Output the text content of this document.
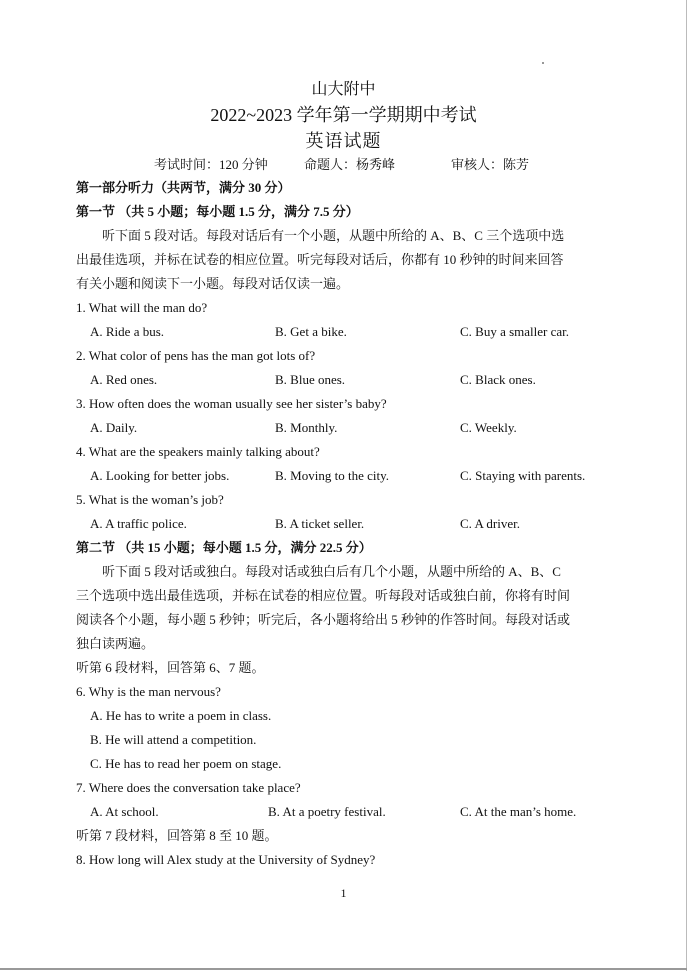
山大附中
2022~2023 学年第一学期期中考试
英语试题
考试时间：120 分钟	命题人：杨秀峰	审核人：陈芳
第一部分听力（共两节，满分 30 分）
第一节 （共 5 小题；每小题 1.5 分，满分 7.5 分）
听下面 5 段对话。每段对话后有一个小题，从题中所给的 A、B、C 三个选项中选
出最佳选项，并标在试卷的相应位置。听完每段对话后，你都有 10 秒钟的时间来回答
有关小题和阅读下一小题。每段对话仅读一遍。
1. What will the man do?
A. Ride a bus.	B. Get a bike.	C. Buy a smaller car.
2. What color of pens has the man got lots of?
A. Red ones.	B. Blue ones.	C. Black ones.
3. How often does the woman usually see her sister’s baby?
A. Daily.	B. Monthly.	C. Weekly.
4. What are the speakers mainly talking about?
A. Looking for better jobs.	B. Moving to the city.	C. Staying with parents.
5. What is the woman’s job?
A. A traffic police.	B. A ticket seller.	C. A driver.
第二节 （共 15 小题；每小题 1.5 分，满分 22.5 分）
听下面 5 段对话或独白。每段对话或独白后有几个小题，从题中所给的 A、B、C
三个选项中选出最佳选项，并标在试卷的相应位置。听每段对话或独白前，你将有时间
阅读各个小题，每小题 5 秒钟；听完后，各小题将给出 5 秒钟的作答时间。每段对话或
独白读两遍。
听第 6 段材料，回答第 6、7 题。
6. Why is the man nervous?
A. He has to write a poem in class.
B. He will attend a competition.
C. He has to read her poem on stage.
7. Where does the conversation take place?
A. At school.	B. At a poetry festival.	C. At the man’s home.
听第 7 段材料，回答第 8 至 10 题。
8. How long will Alex study at the University of Sydney?
1
